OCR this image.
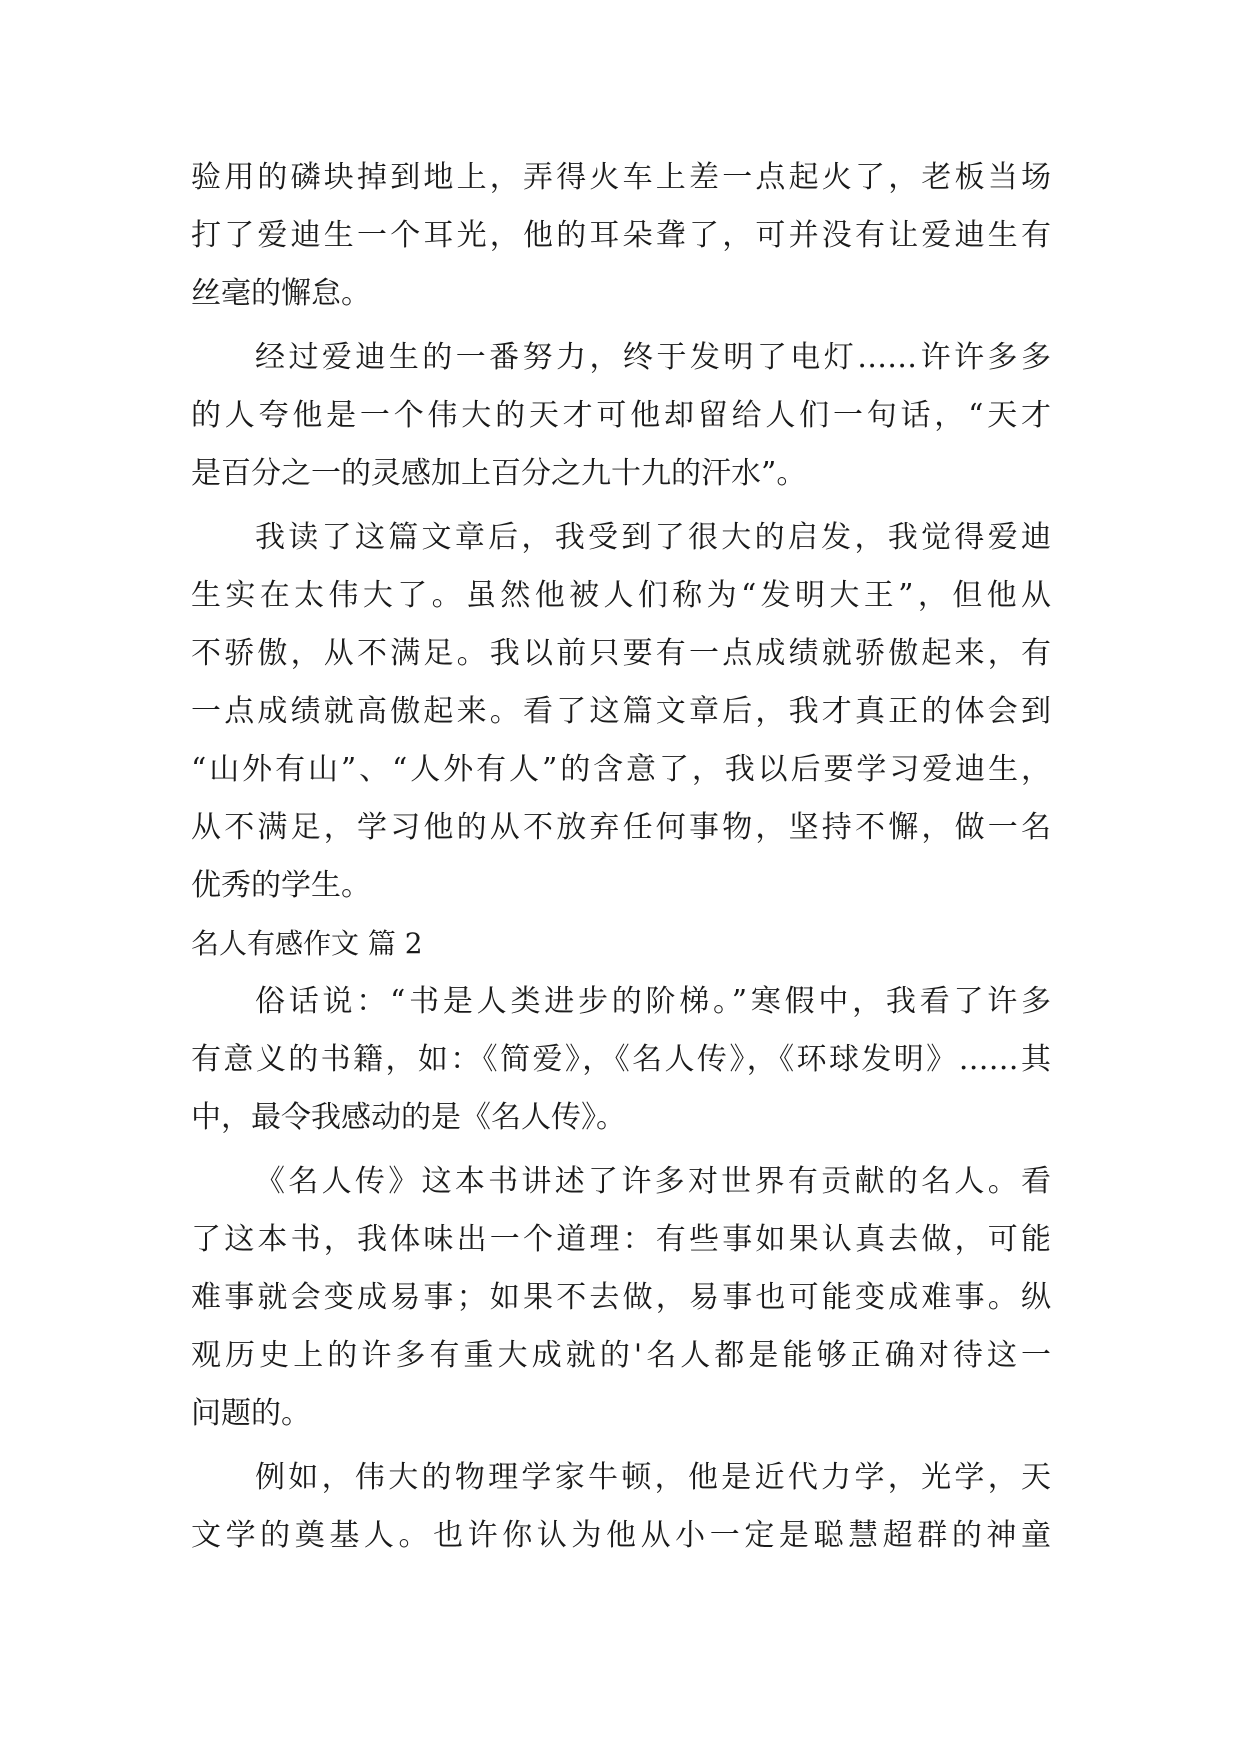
验用的磷块掉到地上，弄得火车上差一点起火了，老板当场
打了爱迪生一个耳光，他的耳朵聋了，可并没有让爱迪生有
丝毫的懈怠。
经过爱迪生的一番努力，终于发明了电灯……许许多多
的人夸他是一个伟大的天才可他却留给人们一句话，“天才
是百分之一的灵感加上百分之九十九的汗水”。
我读了这篇文章后，我受到了很大的启发，我觉得爱迪
生实在太伟大了。虽然他被人们称为“发明大王”，但他从
不骄傲，从不满足。我以前只要有一点成绩就骄傲起来，有
一点成绩就高傲起来。看了这篇文章后，我才真正的体会到
“山外有山”、“人外有人”的含意了，我以后要学习爱迪生，
从不满足，学习他的从不放弃任何事物，坚持不懈，做一名
优秀的学生。
名人有感作文 篇 2
俗话说：“书是人类进步的阶梯。”寒假中，我看了许多
有意义的书籍，如：《简爱》，《名人传》，《环球发明》……其
中，最令我感动的是《名人传》。
《名人传》这本书讲述了许多对世界有贡献的名人。看
了这本书，我体味出一个道理：有些事如果认真去做，可能
难事就会变成易事；如果不去做，易事也可能变成难事。纵
观历史上的许多有重大成就的'名人都是能够正确对待这一
问题的。
例如，伟大的物理学家牛顿，他是近代力学，光学，天
文学的奠基人。也许你认为他从小一定是聪慧超群的神童
